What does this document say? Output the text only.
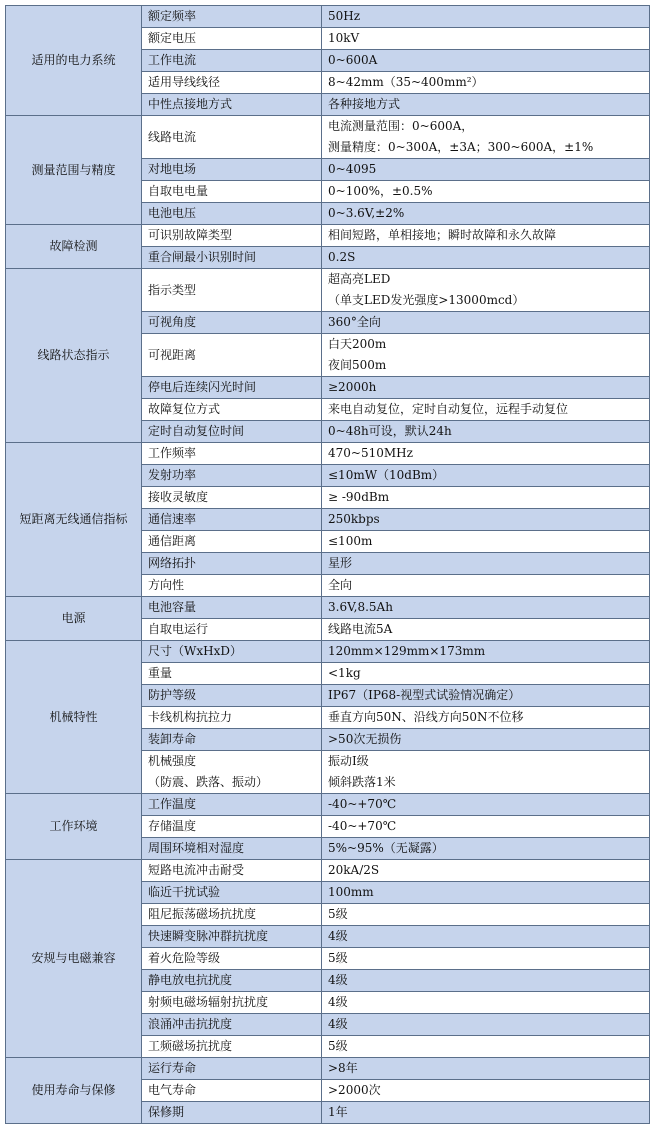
适用的电力系统	额定频率	50Hz

	额定电压	10kV

	工作电流	0~600A

	适用导线线径	8~42mm（35~400mm²）

	中性点接地方式	各种接地方式

测量范围与精度	线路电流	电流测量范围：0~600A，
测量精度：0~300A，±3A；300~600A，±1%

	对地电场	0~4095

	自取电电量	0~100%，±0.5%

	电池电压	0~3.6V,±2%

故障检测	可识别故障类型	相间短路，单相接地；瞬时故障和永久故障

	重合闸最小识别时间	0.2S

线路状态指示	指示类型	超高亮LED
（单支LED发光强度>13000mcd）

	可视角度	360°全向

	可视距离	白天200m
夜间500m

	停电后连续闪光时间	≥2000h

	故障复位方式	来电自动复位，定时自动复位，远程手动复位

	定时自动复位时间	0~48h可设，默认24h

短距离无线通信指标	工作频率	470~510MHz

	发射功率	≤10mW（10dBm）

	接收灵敏度	≥ -90dBm

	通信速率	250kbps

	通信距离	≤100m

	网络拓扑	星形

	方向性	全向

电源	电池容量	3.6V,8.5Ah

	自取电运行	线路电流5A

机械特性	尺寸（WxHxD）	120mm×129mm×173mm

	重量	<1kg

	防护等级	IP67（IP68-视型式试验情况确定）

	卡线机构抗拉力	垂直方向50N、沿线方向50N不位移

	装卸寿命	>50次无损伤

	机械强度
（防震、跌落、振动）	振动I级
倾斜跌落1米

工作环境	工作温度	-40~+70℃

	存储温度	-40~+70℃

	周围环境相对湿度	5%~95%（无凝露）

安规与电磁兼容	短路电流冲击耐受	20kA/2S

	临近干扰试验	100mm

	阻尼振荡磁场抗扰度	5级

	快速瞬变脉冲群抗扰度	4级

	着火危险等级	5级

	静电放电抗扰度	4级

	射频电磁场辐射抗扰度	4级

	浪涌冲击抗扰度	4级

	工频磁场抗扰度	5级

使用寿命与保修	运行寿命	>8年

	电气寿命	>2000次

	保修期	1年
